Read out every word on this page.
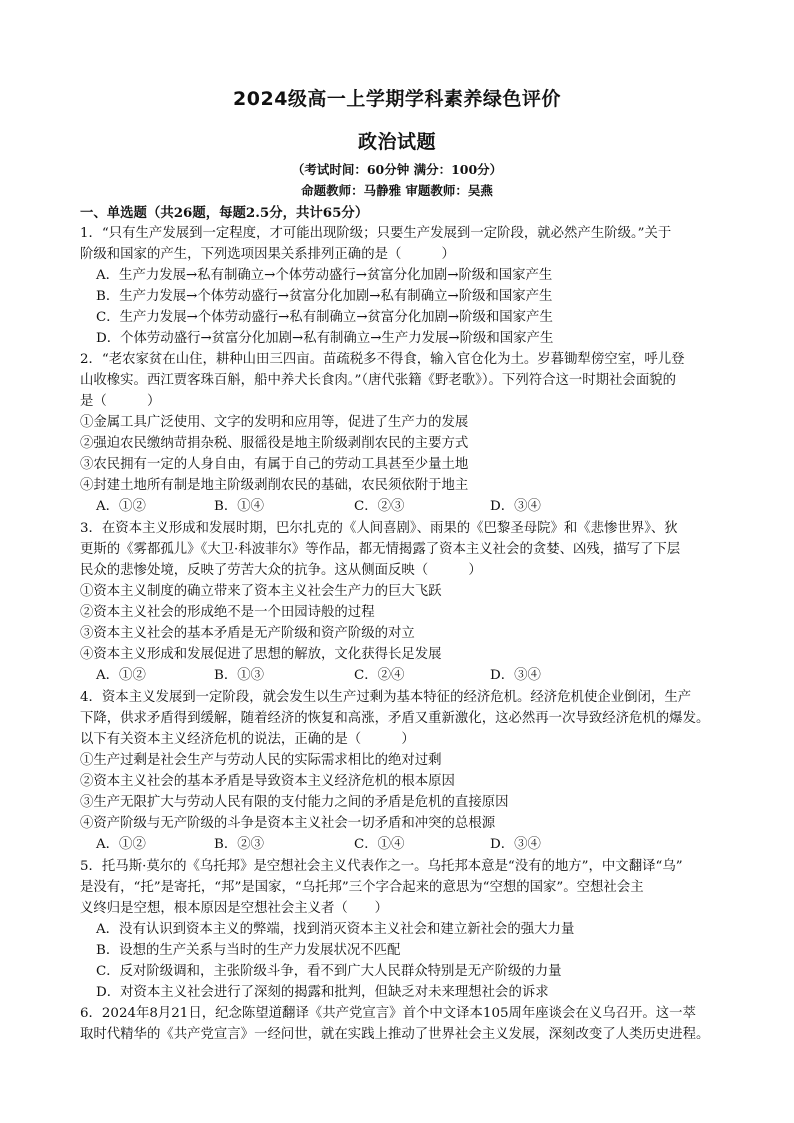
2024级高一上学期学科素养绿色评价
政治试题
（考试时间：60分钟 满分：100分）
命题教师：马静雅 审题教师：吴燕
一、单选题（共26题，每题2.5分，共计65分）
1．“只有生产发展到一定程度，才可能出现阶级；只要生产发展到一定阶段，就必然产生阶级。”关于
阶级和国家的产生，下列选项因果关系排列正确的是（　　　）
A．生产力发展→私有制确立→个体劳动盛行→贫富分化加剧→阶级和国家产生
B．生产力发展→个体劳动盛行→贫富分化加剧→私有制确立→阶级和国家产生
C．生产力发展→个体劳动盛行→私有制确立→贫富分化加剧→阶级和国家产生
D．个体劳动盛行→贫富分化加剧→私有制确立→生产力发展→阶级和国家产生
2．“老农家贫在山住，耕种山田三四亩。苗疏税多不得食，输入官仓化为土。岁暮锄犁傍空室，呼儿登
山收橡实。西江贾客珠百斛，船中养犬长食肉。”（唐代张籍《野老歌》）。下列符合这一时期社会面貌的
是（　　　）
①金属工具广泛使用、文字的发明和应用等，促进了生产力的发展
②强迫农民缴纳苛捐杂税、服徭役是地主阶级剥削农民的主要方式
③农民拥有一定的人身自由，有属于自己的劳动工具甚至少量土地
④封建土地所有制是地主阶级剥削农民的基础，农民须依附于地主
A．①②	B．①④	C．②③	D．③④
3．在资本主义形成和发展时期，巴尔扎克的《人间喜剧》、雨果的《巴黎圣母院》和《悲惨世界》、狄
更斯的《雾都孤儿》《大卫·科波菲尔》等作品，都无情揭露了资本主义社会的贪婪、凶残，描写了下层
民众的悲惨处境，反映了劳苦大众的抗争。这从侧面反映（　　　）
①资本主义制度的确立带来了资本主义社会生产力的巨大飞跃
②资本主义社会的形成绝不是一个田园诗般的过程
③资本主义社会的基本矛盾是无产阶级和资产阶级的对立
④资本主义形成和发展促进了思想的解放，文化获得长足发展
A．①②	B．①③	C．②④	D．③④
4．资本主义发展到一定阶段，就会发生以生产过剩为基本特征的经济危机。经济危机使企业倒闭，生产
下降，供求矛盾得到缓解，随着经济的恢复和高涨，矛盾又重新激化，这必然再一次导致经济危机的爆发。
以下有关资本主义经济危机的说法，正确的是（　　　）
①生产过剩是社会生产与劳动人民的实际需求相比的绝对过剩
②资本主义社会的基本矛盾是导致资本主义经济危机的根本原因
③生产无限扩大与劳动人民有限的支付能力之间的矛盾是危机的直接原因
④资产阶级与无产阶级的斗争是资本主义社会一切矛盾和冲突的总根源
A．①②	B．②③	C．①④	D．③④
5．托马斯·莫尔的《乌托邦》是空想社会主义代表作之一。乌托邦本意是“没有的地方”，中文翻译“乌”
是没有，“托”是寄托，“邦”是国家，“乌托邦”三个字合起来的意思为“空想的国家”。空想社会主
义终归是空想，根本原因是空想社会主义者（　　）
A．没有认识到资本主义的弊端，找到消灭资本主义社会和建立新社会的强大力量
B．设想的生产关系与当时的生产力发展状况不匹配
C．反对阶级调和，主张阶级斗争，看不到广大人民群众特别是无产阶级的力量
D．对资本主义社会进行了深刻的揭露和批判，但缺乏对未来理想社会的诉求
6．2024年8月21日，纪念陈望道翻译《共产党宣言》首个中文译本105周年座谈会在义乌召开。这一萃
取时代精华的《共产党宣言》一经问世，就在实践上推动了世界社会主义发展，深刻改变了人类历史进程。
